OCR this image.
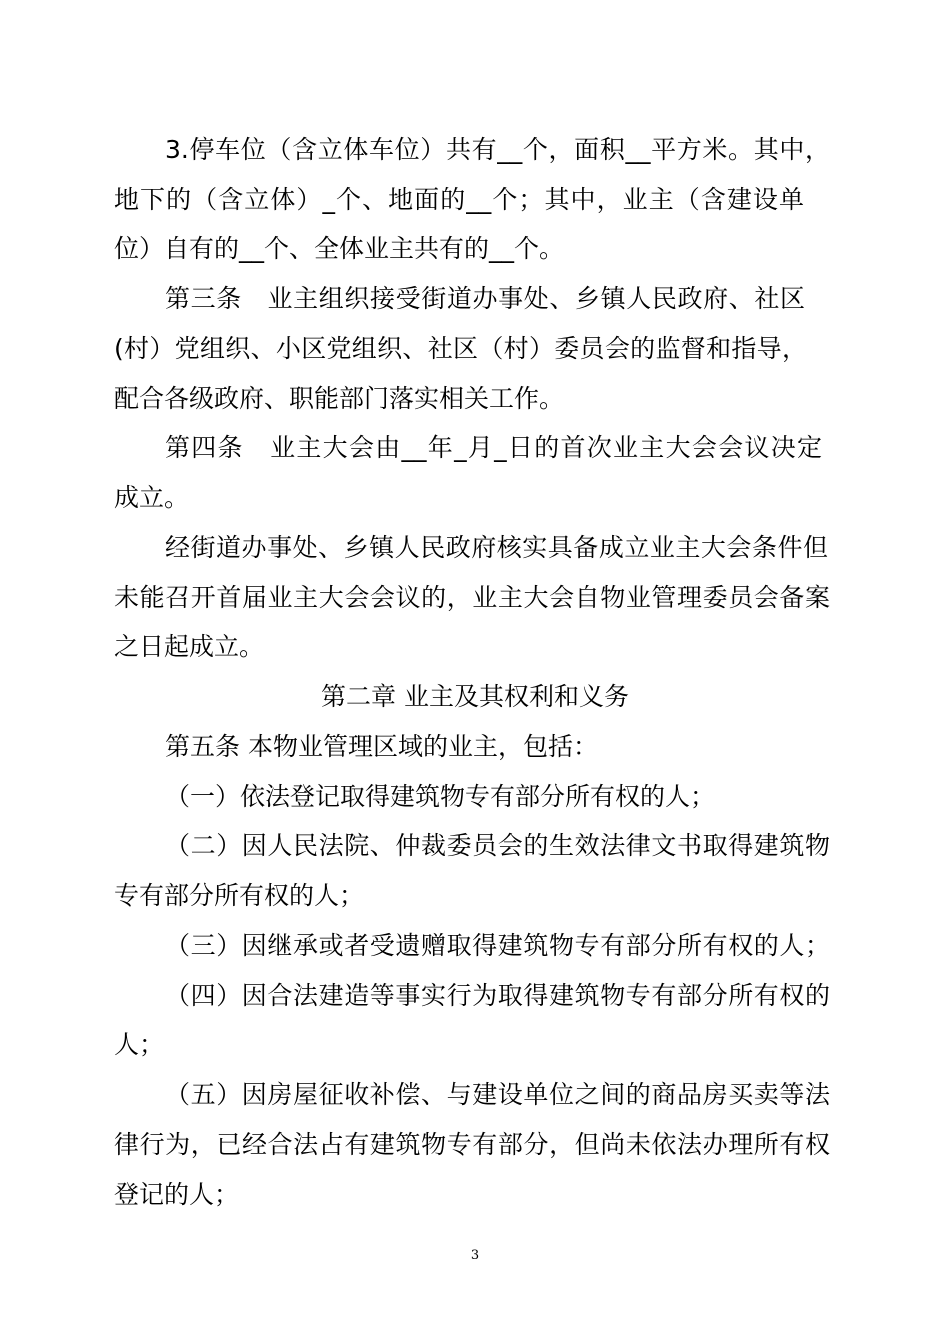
3.停车位（含立体车位）共有__个，面积__平方米。其中，
地下的（含立体）_个、地面的__个；其中，业主（含建设单
位）自有的__个、全体业主共有的__个。
第三条　业主组织接受街道办事处、乡镇人民政府、社区
(村）党组织、小区党组织、社区（村）委员会的监督和指导，
配合各级政府、职能部门落实相关工作。
第四条　业主大会由__年_月_日的首次业主大会会议决定
成立。
经街道办事处、乡镇人民政府核实具备成立业主大会条件但
未能召开首届业主大会会议的，业主大会自物业管理委员会备案
之日起成立。
第二章 业主及其权利和义务
第五条 本物业管理区域的业主，包括：
（一）依法登记取得建筑物专有部分所有权的人；
（二）因人民法院、仲裁委员会的生效法律文书取得建筑物
专有部分所有权的人；
（三）因继承或者受遗赠取得建筑物专有部分所有权的人；
（四）因合法建造等事实行为取得建筑物专有部分所有权的
人；
（五）因房屋征收补偿、与建设单位之间的商品房买卖等法
律行为，已经合法占有建筑物专有部分，但尚未依法办理所有权
登记的人；
3
